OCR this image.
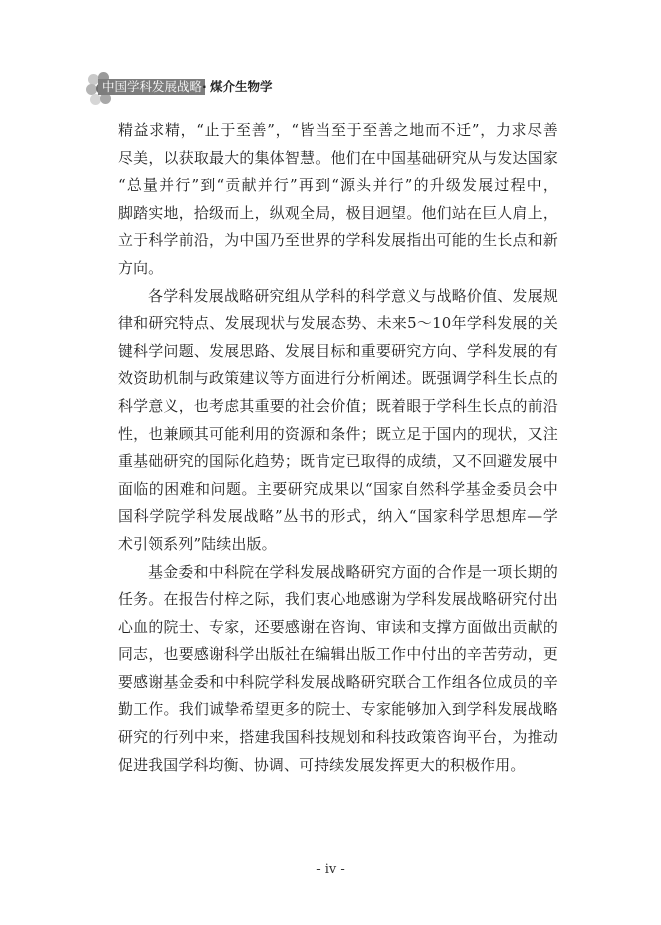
中国学科发展战略 · 煤介生物学
精益求精，“止于至善”，“皆当至于至善之地而不迁”，力求尽善
尽美，以获取最大的集体智慧。他们在中国基础研究从与发达国家
“总量并行”到“贡献并行”再到“源头并行”的升级发展过程中，
脚踏实地，拾级而上，纵观全局，极目迥望。他们站在巨人肩上，
立于科学前沿，为中国乃至世界的学科发展指出可能的生长点和新
方向。
各学科发展战略研究组从学科的科学意义与战略价值、发展规
律和研究特点、发展现状与发展态势、未来5～10年学科发展的关
键科学问题、发展思路、发展目标和重要研究方向、学科发展的有
效资助机制与政策建议等方面进行分析阐述。既强调学科生长点的
科学意义，也考虑其重要的社会价值；既着眼于学科生长点的前沿
性，也兼顾其可能利用的资源和条件；既立足于国内的现状，又注
重基础研究的国际化趋势；既肯定已取得的成绩，又不回避发展中
面临的困难和问题。主要研究成果以“国家自然科学基金委员会中
国科学院学科发展战略”丛书的形式，纳入“国家科学思想库—学
术引领系列”陆续出版。
基金委和中科院在学科发展战略研究方面的合作是一项长期的
任务。在报告付梓之际，我们衷心地感谢为学科发展战略研究付出
心血的院士、专家，还要感谢在咨询、审读和支撑方面做出贡献的
同志，也要感谢科学出版社在编辑出版工作中付出的辛苦劳动，更
要感谢基金委和中科院学科发展战略研究联合工作组各位成员的辛
勤工作。我们诚挚希望更多的院士、专家能够加入到学科发展战略
研究的行列中来，搭建我国科技规划和科技政策咨询平台，为推动
促进我国学科均衡、协调、可持续发展发挥更大的积极作用。
- iv -
